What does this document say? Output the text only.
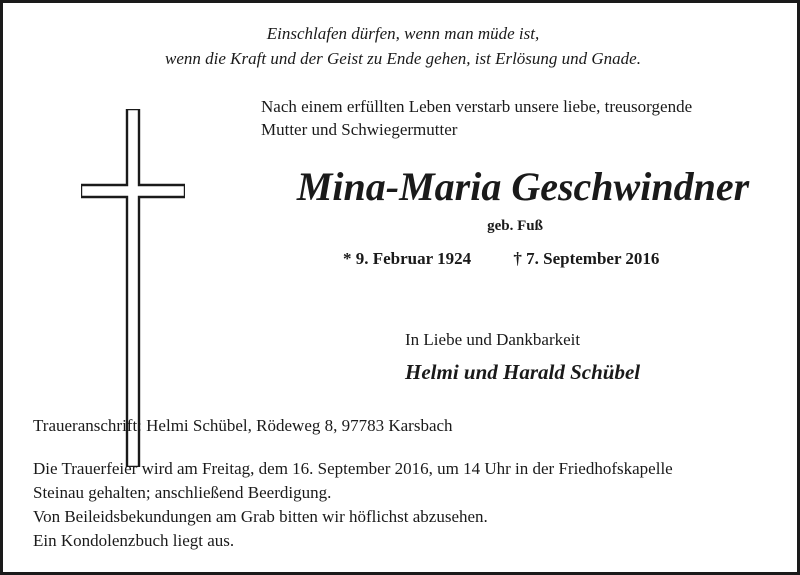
Einschlafen dürfen, wenn man müde ist,
wenn die Kraft und der Geist zu Ende gehen, ist Erlösung und Gnade.
Nach einem erfüllten Leben verstarb unsere liebe, treusorgende
Mutter und Schwiegermutter
Mina-Maria Geschwindner
geb. Fuß
* 9. Februar 1924 † 7. September 2016
In Liebe und Dankbarkeit
Helmi und Harald Schübel
Traueranschrift: Helmi Schübel, Rödeweg 8, 97783 Karsbach
Die Trauerfeier wird am Freitag, dem 16. September 2016, um 14 Uhr in der Friedhofskapelle
Steinau gehalten; anschließend Beerdigung.
Von Beileidsbekundungen am Grab bitten wir höflichst abzusehen.
Ein Kondolenzbuch liegt aus.
